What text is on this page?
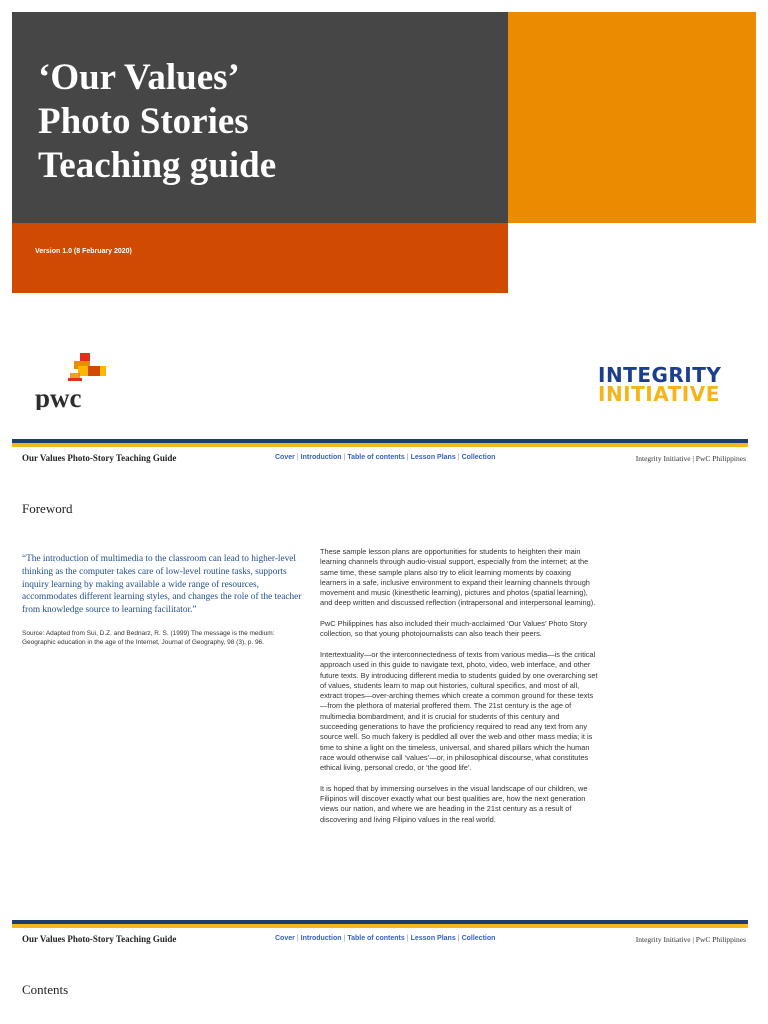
‘Our Values’
Photo Stories
Teaching guide
Version 1.0 (8 February 2020)
pwc
INTEGRITY
INITIATIVE
Our Values Photo-Story Teaching Guide	Cover | Introduction | Table of contents | Lesson Plans | Collection	Integrity Initiative | PwC Philippines
Foreword
“The introduction of multimedia to the classroom can lead to higher-level thinking as the computer takes care of low-level routine tasks, supports inquiry learning by making available a wide range of resources, accommodates different learning styles, and changes the role of the teacher from knowledge source to learning facilitator.”
Source: Adapted from Sui, D.Z. and Bednarz, R. S. (1999) The message is the medium: Geographic education in the age of the Internet, Journal of Geography, 98 (3), p. 96.

These sample lesson plans are opportunities for students to heighten their main learning channels through audio-visual support, especially from the internet; at the same time, these sample plans also try to elicit learning moments by coaxing learners in a safe, inclusive environment to expand their learning channels through movement and music (kinesthetic learning), pictures and photos (spatial learning), and deep written and discussed reflection (intrapersonal and interpersonal learning).

PwC Philippines has also included their much-acclaimed ‘Our Values’ Photo Story collection, so that young photojournalists can also teach their peers.

Intertextuality—or the interconnectedness of texts from various media—is the critical approach used in this guide to navigate text, photo, video, web interface, and other future texts. By introducing different media to students guided by one overarching set of values, students learn to map out histories, cultural specifics, and most of all, extract tropes—over-arching themes which create a common ground for these texts—from the plethora of material proffered them. The 21st century is the age of multimedia bombardment, and it is crucial for students of this century and succeeding generations to have the proficiency required to read any text from any source well. So much fakery is peddled all over the web and other mass media; it is time to shine a light on the timeless, universal, and shared pillars which the human race would otherwise call ‘values’—or, in philosophical discourse, what constitutes ethical living, personal credo, or ‘the good life’.

It is hoped that by immersing ourselves in the visual landscape of our children, we Filipinos will discover exactly what our best qualities are, how the next generation views our nation, and where we are heading in the 21st century as a result of discovering and living Filipino values in the real world.

Our Values Photo-Story Teaching Guide	Cover | Introduction | Table of contents | Lesson Plans | Collection	Integrity Initiative | PwC Philippines
Contents
